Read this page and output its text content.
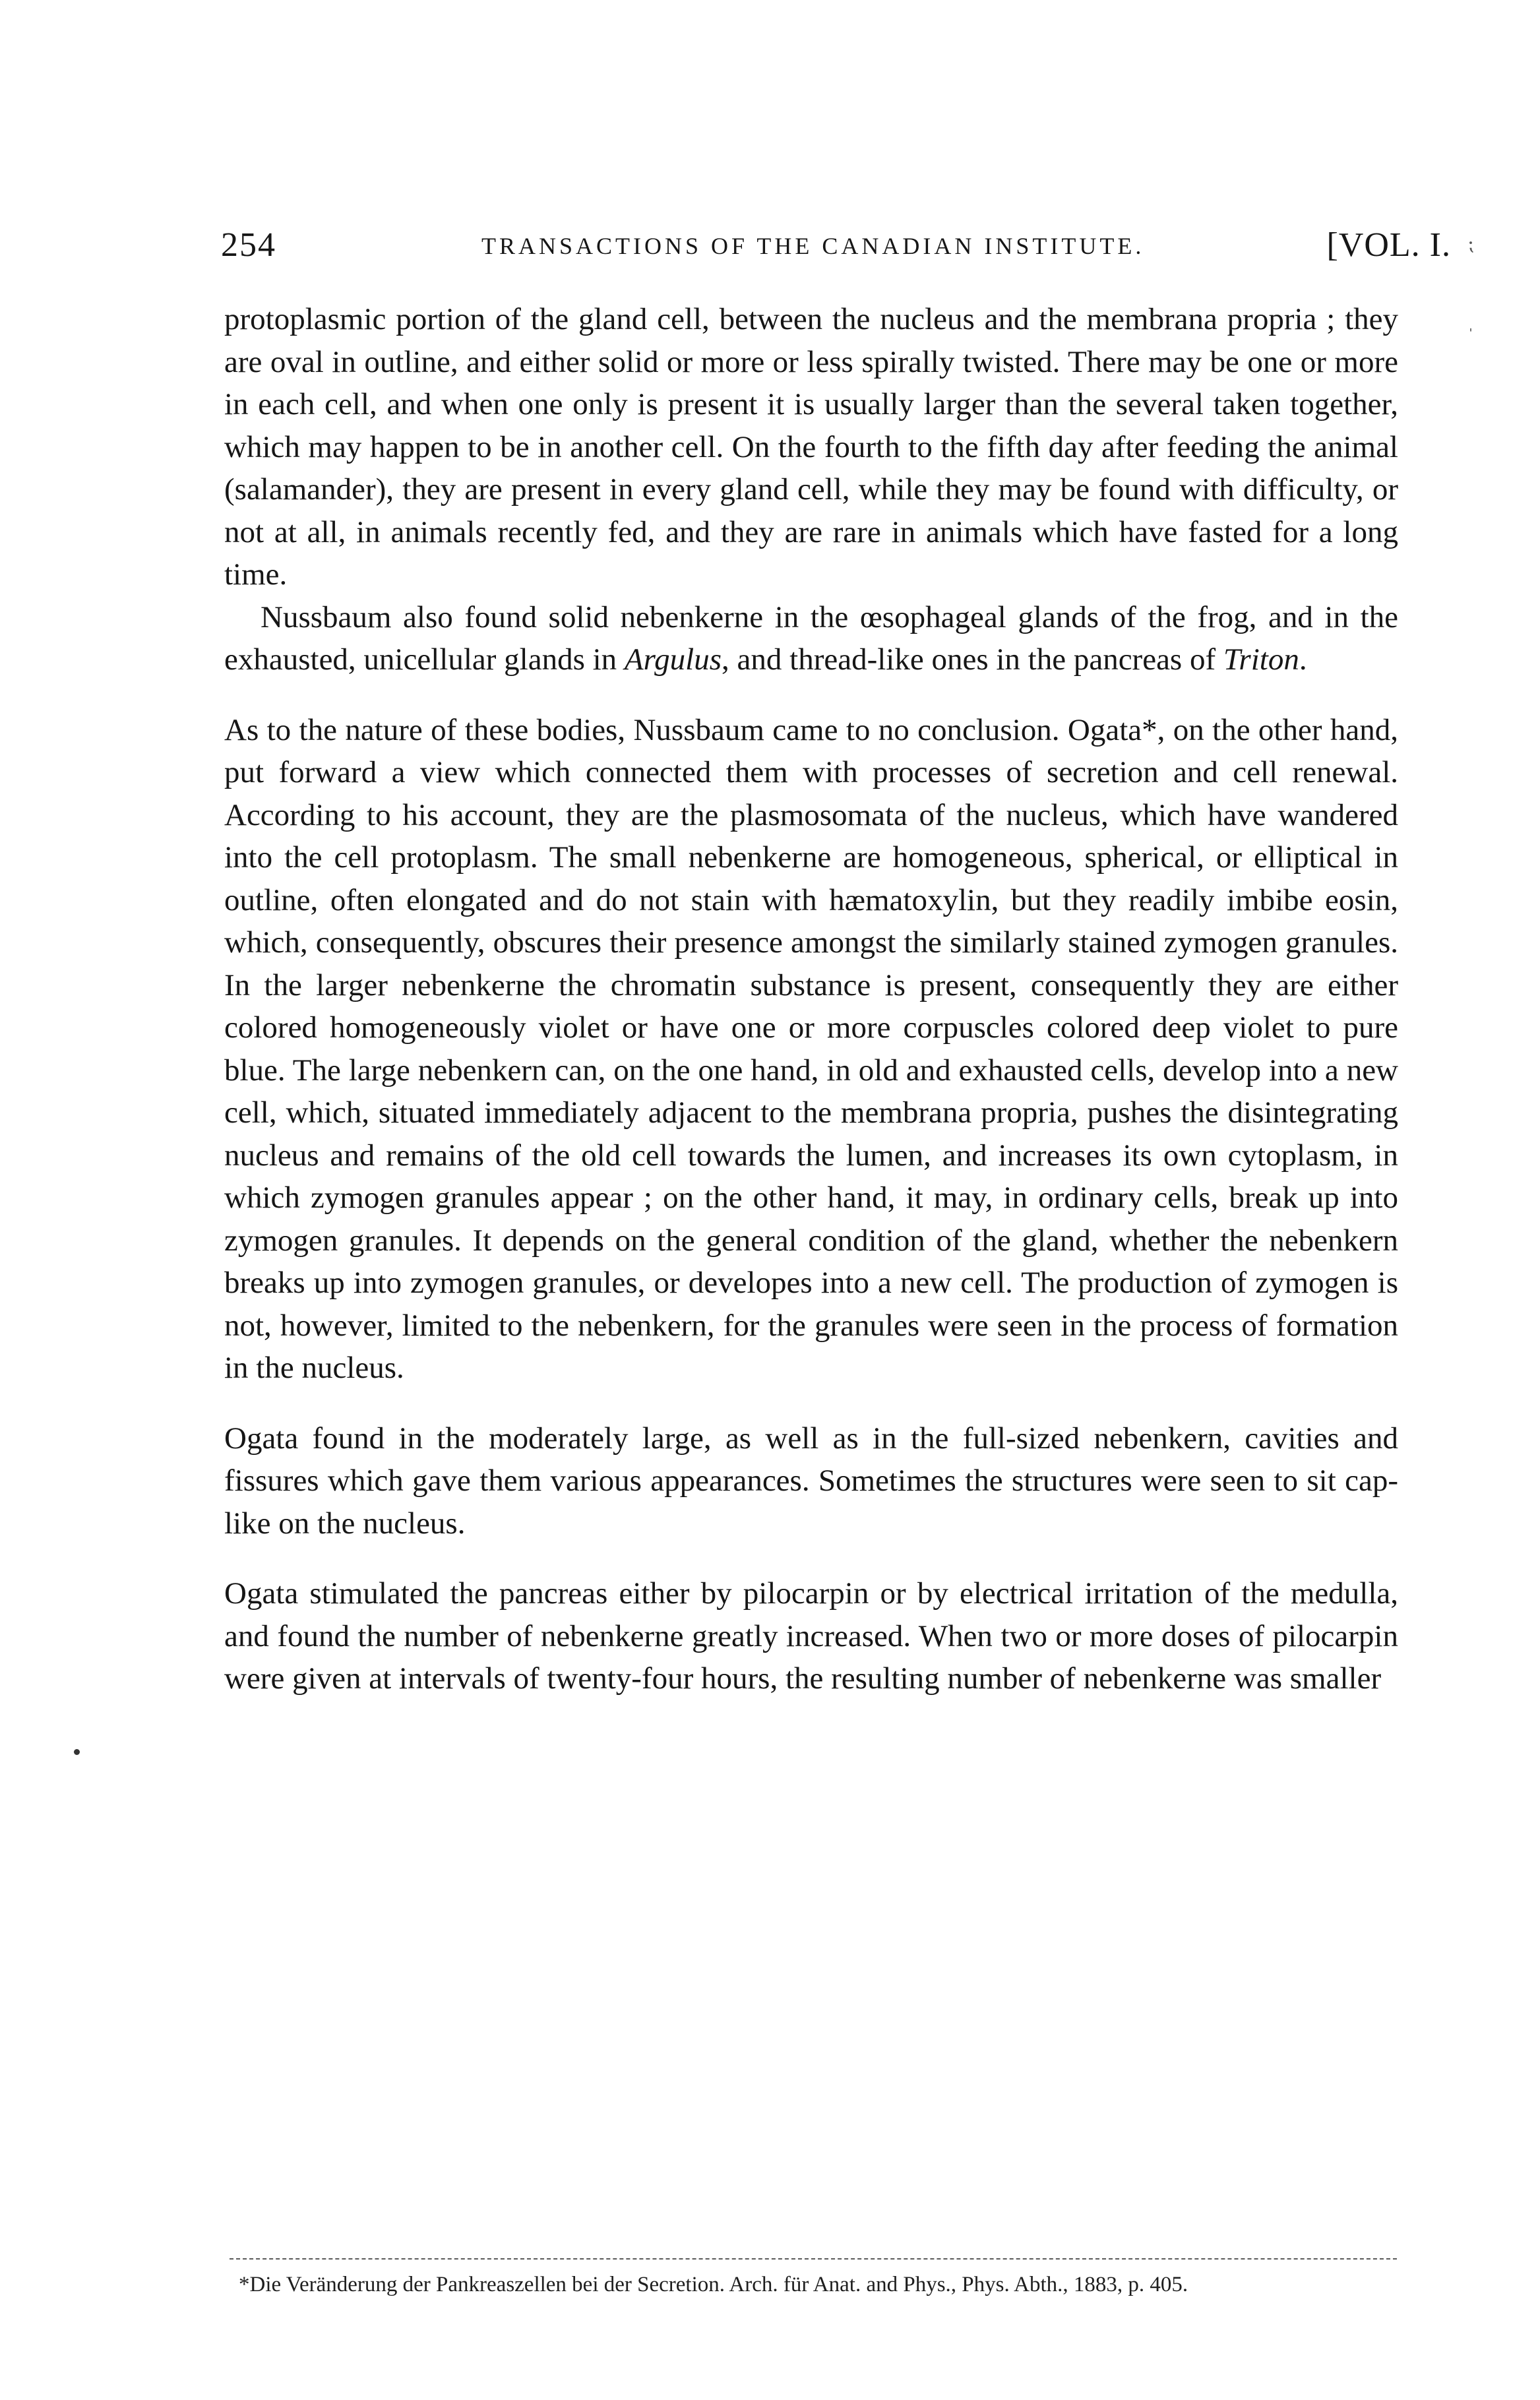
254	TRANSACTIONS OF THE CANADIAN INSTITUTE.	[VOL. I.

protoplasmic portion of the gland cell, between the nucleus and the membrana propria ; they are oval in outline, and either solid or more or less spirally twisted. There may be one or more in each cell, and when one only is present it is usually larger than the several taken together, which may happen to be in another cell. On the fourth to the fifth day after feeding the animal (salamander), they are present in every gland cell, while they may be found with difficulty, or not at all, in animals recently fed, and they are rare in animals which have fasted for a long time.

Nussbaum also found solid nebenkerne in the œsophageal glands of the frog, and in the exhausted, unicellular glands in Argulus, and thread-like ones in the pancreas of Triton.

As to the nature of these bodies, Nussbaum came to no conclusion. Ogata*, on the other hand, put forward a view which connected them with processes of secretion and cell renewal. According to his account, they are the plasmosomata of the nucleus, which have wandered into the cell protoplasm. The small nebenkerne are homogeneous, spherical, or elliptical in outline, often elongated and do not stain with hæmatoxylin, but they readily imbibe eosin, which, consequently, obscures their presence amongst the similarly stained zymogen granules. In the larger nebenkerne the chromatin substance is present, consequently they are either colored homogeneously violet or have one or more corpuscles colored deep violet to pure blue. The large nebenkern can, on the one hand, in old and exhausted cells, develop into a new cell, which, situated immediately adjacent to the membrana propria, pushes the disintegrating nucleus and remains of the old cell towards the lumen, and increases its own cytoplasm, in which zymogen granules appear ; on the other hand, it may, in ordinary cells, break up into zymogen granules. It depends on the general condition of the gland, whether the nebenkern breaks up into zymogen granules, or developes into a new cell. The production of zymogen is not, however, limited to the nebenkern, for the granules were seen in the process of formation in the nucleus.

Ogata found in the moderately large, as well as in the full-sized nebenkern, cavities and fissures which gave them various appearances. Sometimes the structures were seen to sit cap-like on the nucleus.

Ogata stimulated the pancreas either by pilocarpin or by electrical irritation of the medulla, and found the number of nebenkerne greatly increased. When two or more doses of pilocarpin were given at intervals of twenty-four hours, the resulting number of nebenkerne was smaller

*Die Veränderung der Pankreaszellen bei der Secretion. Arch. für Anat. and Phys., Phys. Abth., 1883, p. 405.
⁏
ˌ
